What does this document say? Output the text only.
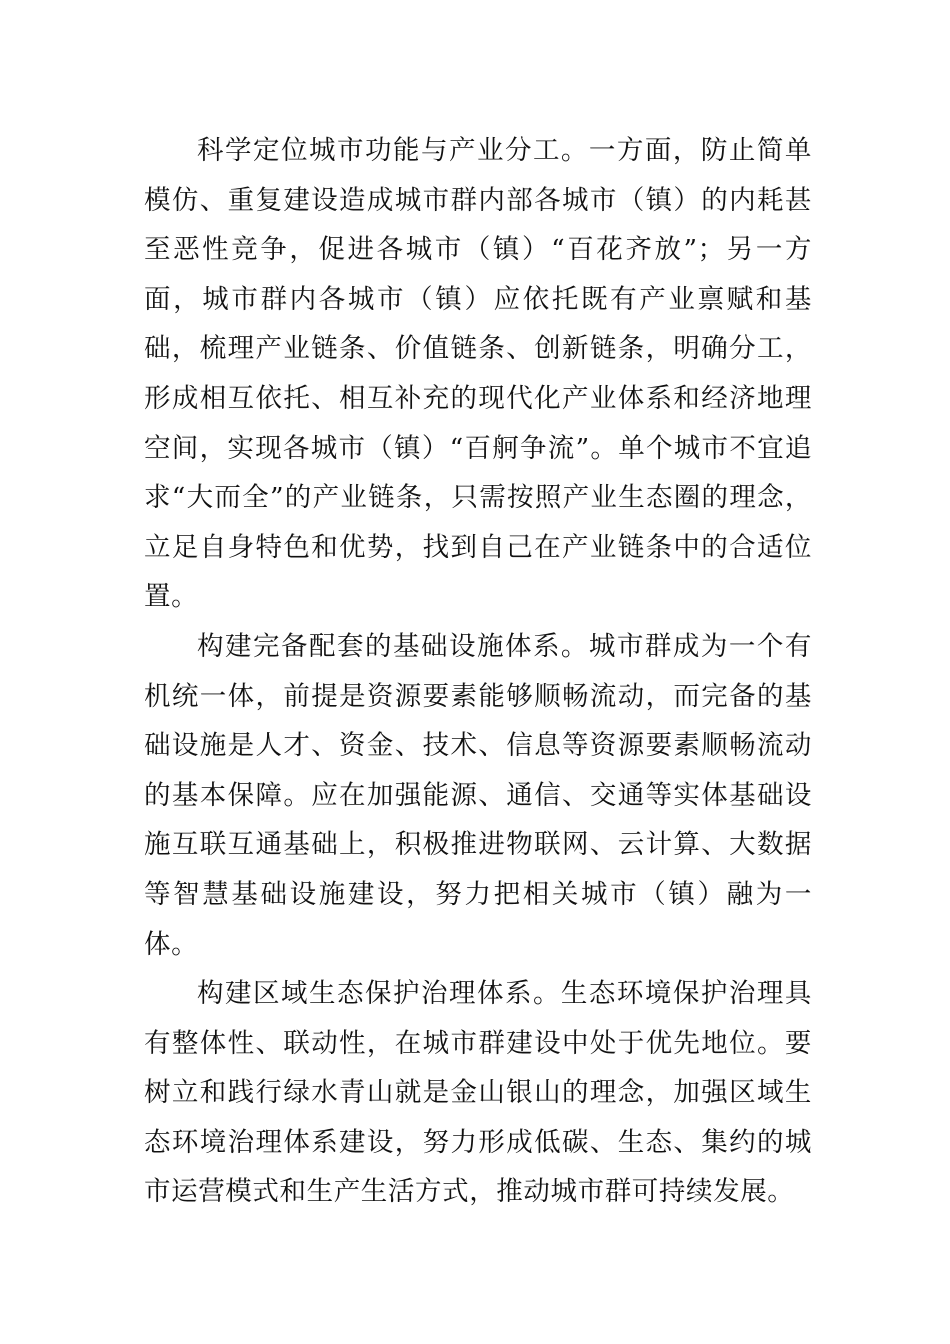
科学定位城市功能与产业分工。一方面，防止简单模仿、重复建设造成城市群内部各城市（镇）的内耗甚至恶性竞争，促进各城市（镇）“百花齐放”；另一方面，城市群内各城市（镇）应依托既有产业禀赋和基础，梳理产业链条、价值链条、创新链条，明确分工，形成相互依托、相互补充的现代化产业体系和经济地理空间，实现各城市（镇）“百舸争流”。单个城市不宜追求“大而全”的产业链条，只需按照产业生态圈的理念，立足自身特色和优势，找到自己在产业链条中的合适位置。

构建完备配套的基础设施体系。城市群成为一个有机统一体，前提是资源要素能够顺畅流动，而完备的基础设施是人才、资金、技术、信息等资源要素顺畅流动的基本保障。应在加强能源、通信、交通等实体基础设施互联互通基础上，积极推进物联网、云计算、大数据等智慧基础设施建设，努力把相关城市（镇）融为一体。

构建区域生态保护治理体系。生态环境保护治理具有整体性、联动性，在城市群建设中处于优先地位。要树立和践行绿水青山就是金山银山的理念，加强区域生态环境治理体系建设，努力形成低碳、生态、集约的城市运营模式和生产生活方式，推动城市群可持续发展。
